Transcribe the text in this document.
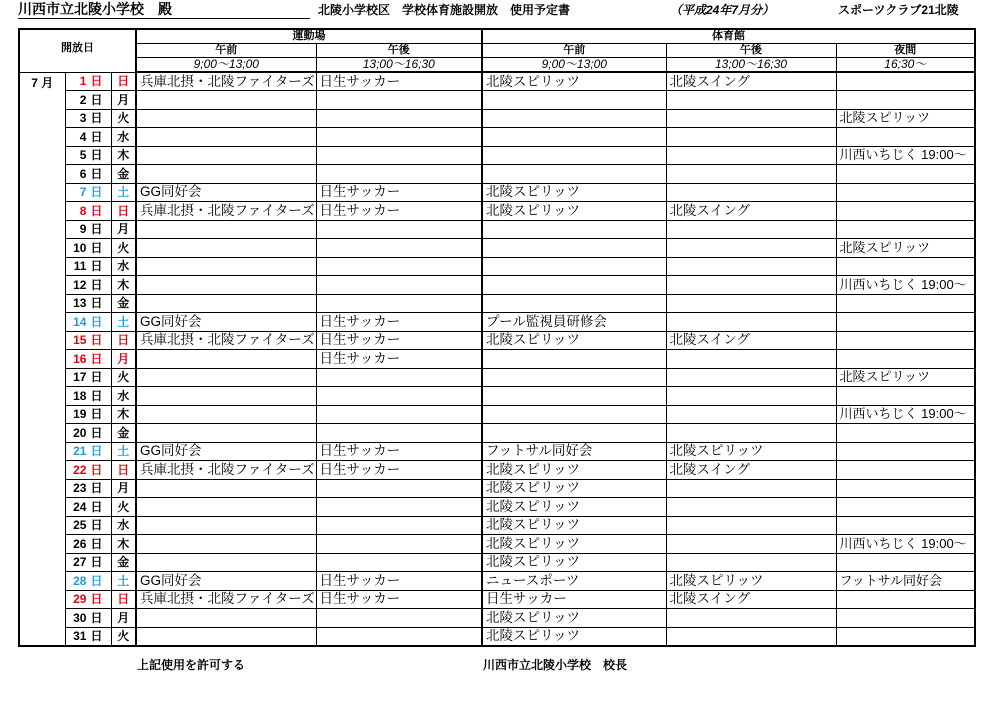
川西市立北陵小学校　殿	北陵小学校区　学校体育施設開放　使用予定書	（平成24年7月分）	スポーツクラブ21北陵
開放日			運動場		体育館		
			午前	午後	午前	午後	夜間
			9;00～13;00	13;00～16;30	9;00～13;00	13;00～16;30	16;30～
7 月	1 日	日	兵庫北摂・北陵ファイターズ	日生サッカー	北陵スピリッツ	北陵スイング	
	2 日	月					
	3 日	火					北陵スピリッツ
	4 日	水					
	5 日	木					川西いちじく 19:00～
	6 日	金					
	7 日	土	GG同好会	日生サッカー	北陵スピリッツ		
	8 日	日	兵庫北摂・北陵ファイターズ	日生サッカー	北陵スピリッツ	北陵スイング	
	9 日	月					
	10 日	火					北陵スピリッツ
	11 日	水					
	12 日	木					川西いちじく 19:00～
	13 日	金					
	14 日	土	GG同好会	日生サッカー	プール監視員研修会		
	15 日	日	兵庫北摂・北陵ファイターズ	日生サッカー	北陵スピリッツ	北陵スイング	
	16 日	月		日生サッカー			
	17 日	火					北陵スピリッツ
	18 日	水					
	19 日	木					川西いちじく 19:00～
	20 日	金					
	21 日	土	GG同好会	日生サッカー	フットサル同好会	北陵スピリッツ	
	22 日	日	兵庫北摂・北陵ファイターズ	日生サッカー	北陵スピリッツ	北陵スイング	
	23 日	月			北陵スピリッツ		
	24 日	火			北陵スピリッツ		
	25 日	水			北陵スピリッツ		
	26 日	木			北陵スピリッツ		川西いちじく 19:00～
	27 日	金			北陵スピリッツ		
	28 日	土	GG同好会	日生サッカー	ニュースポーツ	北陵スピリッツ	フットサル同好会
	29 日	日	兵庫北摂・北陵ファイターズ	日生サッカー	日生サッカー	北陵スイング	
	30 日	月			北陵スピリッツ		
	31 日	火			北陵スピリッツ		
上記使用を許可する	川西市立北陵小学校　校長
